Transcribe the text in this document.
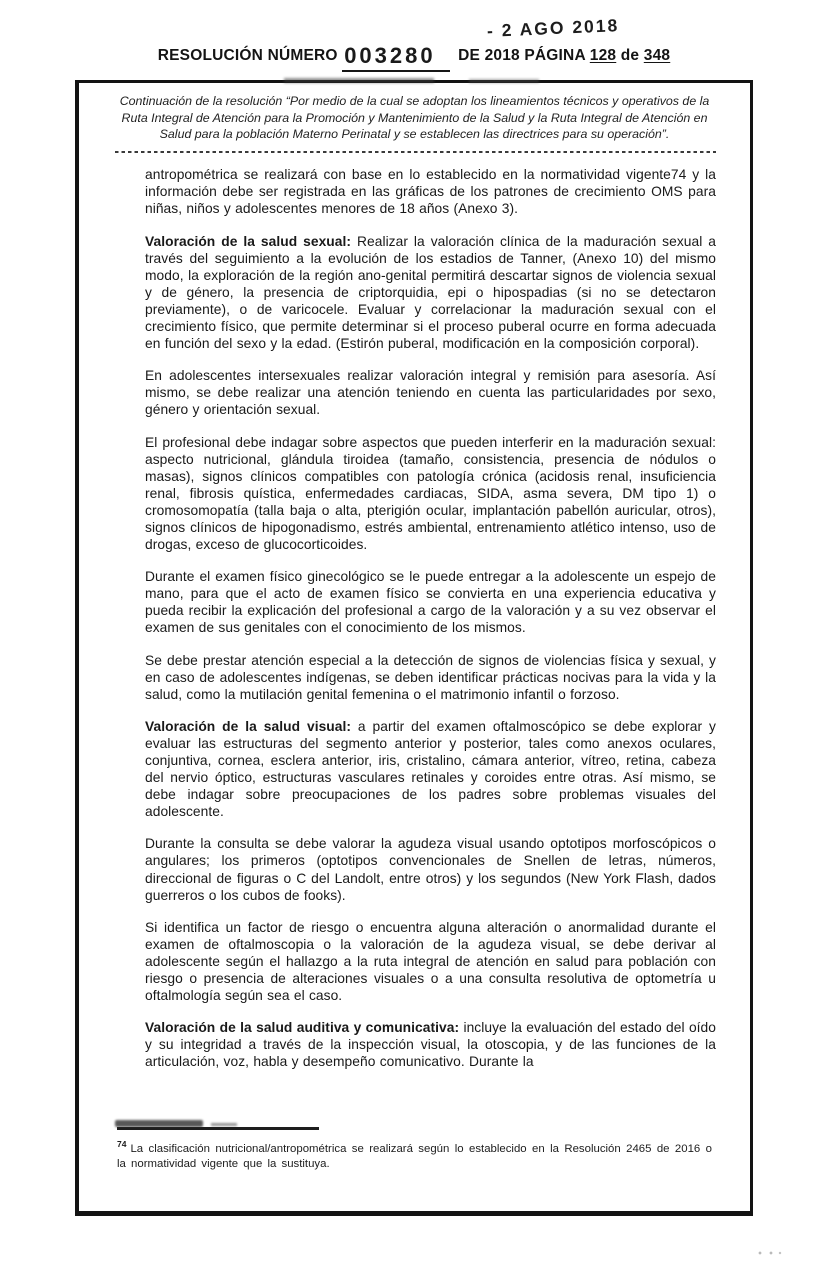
RESOLUCIÓN NÚMERO 003280 DE 2018 PÁGINA 128 de 348
- 2 AGO 2018

Continuación de la resolución “Por medio de la cual se adoptan los lineamientos técnicos y operativos de la Ruta Integral de Atención para la Promoción y Mantenimiento de la Salud y la Ruta Integral de Atención en Salud para la población Materno Perinatal y se establecen las directrices para su operación”.

antropométrica se realizará con base en lo establecido en la normatividad vigente74 y la información debe ser registrada en las gráficas de los patrones de crecimiento OMS para niñas, niños y adolescentes menores de 18 años (Anexo 3).

Valoración de la salud sexual: Realizar la valoración clínica de la maduración sexual a través del seguimiento a la evolución de los estadios de Tanner, (Anexo 10) del mismo modo, la exploración de la región ano-genital permitirá descartar signos de violencia sexual y de género, la presencia de criptorquidia, epi o hipospadias (si no se detectaron previamente), o de varicocele. Evaluar y correlacionar la maduración sexual con el crecimiento físico, que permite determinar si el proceso puberal ocurre en forma adecuada en función del sexo y la edad. (Estirón puberal, modificación en la composición corporal).

En adolescentes intersexuales realizar valoración integral y remisión para asesoría. Así mismo, se debe realizar una atención teniendo en cuenta las particularidades por sexo, género y orientación sexual.

El profesional debe indagar sobre aspectos que pueden interferir en la maduración sexual: aspecto nutricional, glándula tiroidea (tamaño, consistencia, presencia de nódulos o masas), signos clínicos compatibles con patología crónica (acidosis renal, insuficiencia renal, fibrosis quística, enfermedades cardiacas, SIDA, asma severa, DM tipo 1) o cromosomopatía (talla baja o alta, pterigión ocular, implantación pabellón auricular, otros), signos clínicos de hipogonadismo, estrés ambiental, entrenamiento atlético intenso, uso de drogas, exceso de glucocorticoides.

Durante el examen físico ginecológico se le puede entregar a la adolescente un espejo de mano, para que el acto de examen físico se convierta en una experiencia educativa y pueda recibir la explicación del profesional a cargo de la valoración y a su vez observar el examen de sus genitales con el conocimiento de los mismos.

Se debe prestar atención especial a la detección de signos de violencias física y sexual, y en caso de adolescentes indígenas, se deben identificar prácticas nocivas para la vida y la salud, como la mutilación genital femenina o el matrimonio infantil o forzoso.

Valoración de la salud visual: a partir del examen oftalmoscópico se debe explorar y evaluar las estructuras del segmento anterior y posterior, tales como anexos oculares, conjuntiva, cornea, esclera anterior, iris, cristalino, cámara anterior, vítreo, retina, cabeza del nervio óptico, estructuras vasculares retinales y coroides entre otras. Así mismo, se debe indagar sobre preocupaciones de los padres sobre problemas visuales del adolescente.

Durante la consulta se debe valorar la agudeza visual usando optotipos morfoscópicos o angulares; los primeros (optotipos convencionales de Snellen de letras, números, direccional de figuras o C del Landolt, entre otros) y los segundos (New York Flash, dados guerreros o los cubos de fooks).

Si identifica un factor de riesgo o encuentra alguna alteración o anormalidad durante el examen de oftalmoscopia o la valoración de la agudeza visual, se debe derivar al adolescente según el hallazgo a la ruta integral de atención en salud para población con riesgo o presencia de alteraciones visuales o a una consulta resolutiva de optometría u oftalmología según sea el caso.

Valoración de la salud auditiva y comunicativa: incluye la evaluación del estado del oído y su integridad a través de la inspección visual, la otoscopia, y de las funciones de la articulación, voz, habla y desempeño comunicativo. Durante la

$^{74}$ La clasificación nutricional/antropométrica se realizará según lo establecido en la Resolución 2465 de 2016 o la normatividad vigente que la sustituya.
